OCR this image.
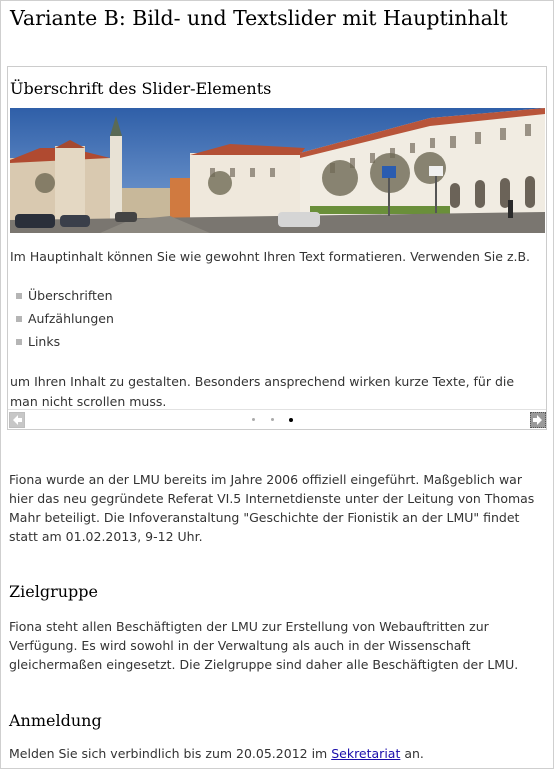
Variante B: Bild- und Textslider mit Hauptinhalt
Überschrift des Slider-Elements

Im Hauptinhalt können Sie wie gewohnt Ihren Text formatieren. Verwenden Sie z.B.

Überschriften
Aufzählungen
Links

um Ihren Inhalt zu gestalten. Besonders ansprechend wirken kurze Texte, für die man nicht scrollen muss.

Fiona wurde an der LMU bereits im Jahre 2006 offiziell eingeführt. Maßgeblich war hier das neu gegründete Referat VI.5 Internetdienste unter der Leitung von Thomas Mahr beteiligt. Die Infoveranstaltung "Geschichte der Fionistik an der LMU" findet statt am 01.02.2013, 9-12 Uhr.

Zielgruppe

Fiona steht allen Beschäftigten der LMU zur Erstellung von Webauftritten zur Verfügung. Es wird sowohl in der Verwaltung als auch in der Wissenschaft gleichermaßen eingesetzt. Die Zielgruppe sind daher alle Beschäftigten der LMU.

Anmeldung

Melden Sie sich verbindlich bis zum 20.05.2012 im Sekretariat an.
